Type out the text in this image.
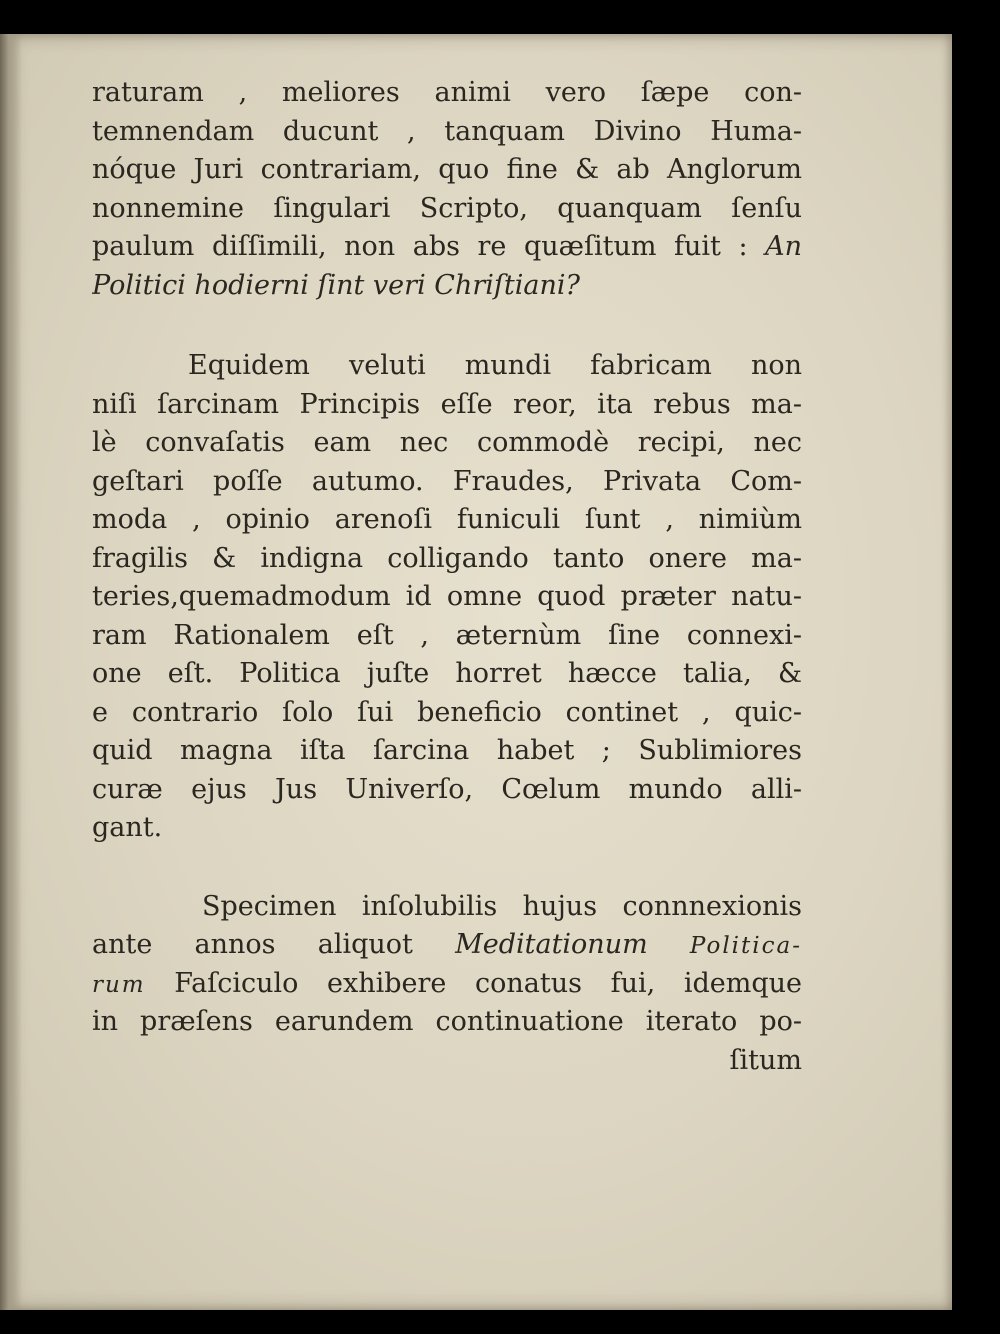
raturam , meliores animi vero ſæpe con-
temnendam ducunt , tanquam Divino Huma-
nóque Juri contrariam, quo fine & ab Anglorum
nonnemine ſingulari Scripto, quanquam ſenſu
paulum diſſimili, non abs re quæſitum fuit : An
Politici hodierni ſint veri Chriſtiani?
Equidem veluti mundi fabricam non
niſi ſarcinam Principis eſſe reor, ita rebus ma-
lè convaſatis eam nec commodè recipi, nec
geſtari poſſe autumo. Fraudes, Privata Com-
moda , opinio arenoſi funiculi ſunt , nimiùm
fragilis & indigna colligando tanto onere ma-
teries,quemadmodum id omne quod præter natu-
ram Rationalem eſt , æternùm ſine connexi-
one eſt. Politica juſte horret hæcce talia, &
e contrario ſolo ſui beneficio continet , quic-
quid magna iſta ſarcina habet ; Sublimiores
curæ ejus Jus Univerſo, Cœlum mundo alli-
gant.
Specimen inſolubilis hujus connnexionis
ante annos aliquot Meditationum Politica-
rum Faſciculo exhibere conatus fui, idemque
in præſens earundem continuatione iterato po-
ſitum
